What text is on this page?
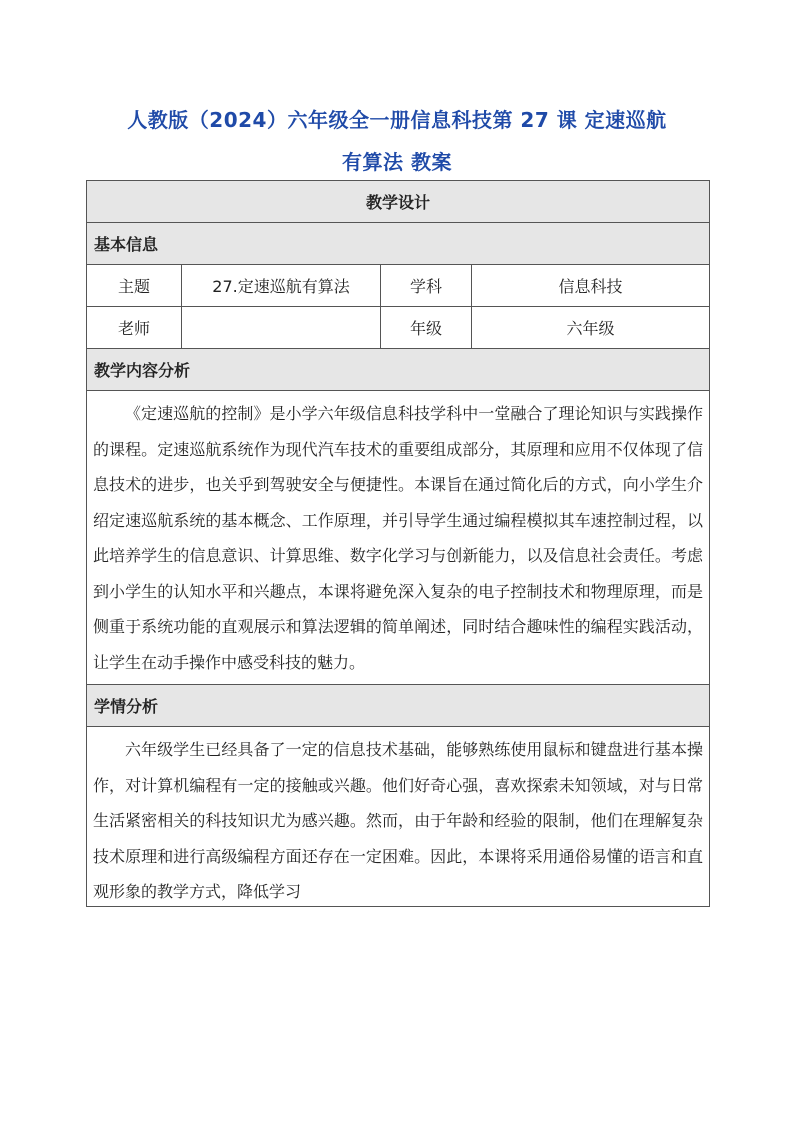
人教版（2024）六年级全一册信息科技第 27 课 定速巡航
有算法 教案
教学设计			
基本信息			
主题	27.定速巡航有算法	学科	信息科技
老师		年级	六年级
教学内容分析			
《定速巡航的控制》是小学六年级信息科技学科中一堂融合了理论知识与实践操作的课程。定速巡航系统作为现代汽车技术的重要组成部分，其原理和应用不仅体现了信息技术的进步，也关乎到驾驶安全与便捷性。本课旨在通过简化后的方式，向小学生介绍定速巡航系统的基本概念、工作原理，并引导学生通过编程模拟其车速控制过程，以此培养学生的信息意识、计算思维、数字化学习与创新能力，以及信息社会责任。考虑到小学生的认知水平和兴趣点，本课将避免深入复杂的电子控制技术和物理原理，而是侧重于系统功能的直观展示和算法逻辑的简单阐述，同时结合趣味性的编程实践活动，让学生在动手操作中感受科技的魅力。			
学情分析			

六年级学生已经具备了一定的信息技术基础，能够熟练使用鼠标和键盘进行基本操作，对计算机编程有一定的接触或兴趣。他们好奇心强，喜欢探索未知领域，对与日常生活紧密相关的科技知识尤为感兴趣。然而，由于年龄和经验的限制，他们在理解复杂技术原理和进行高级编程方面还存在一定困难。因此，本课将采用通俗易懂的语言和直观形象的教学方式，降低学习			
